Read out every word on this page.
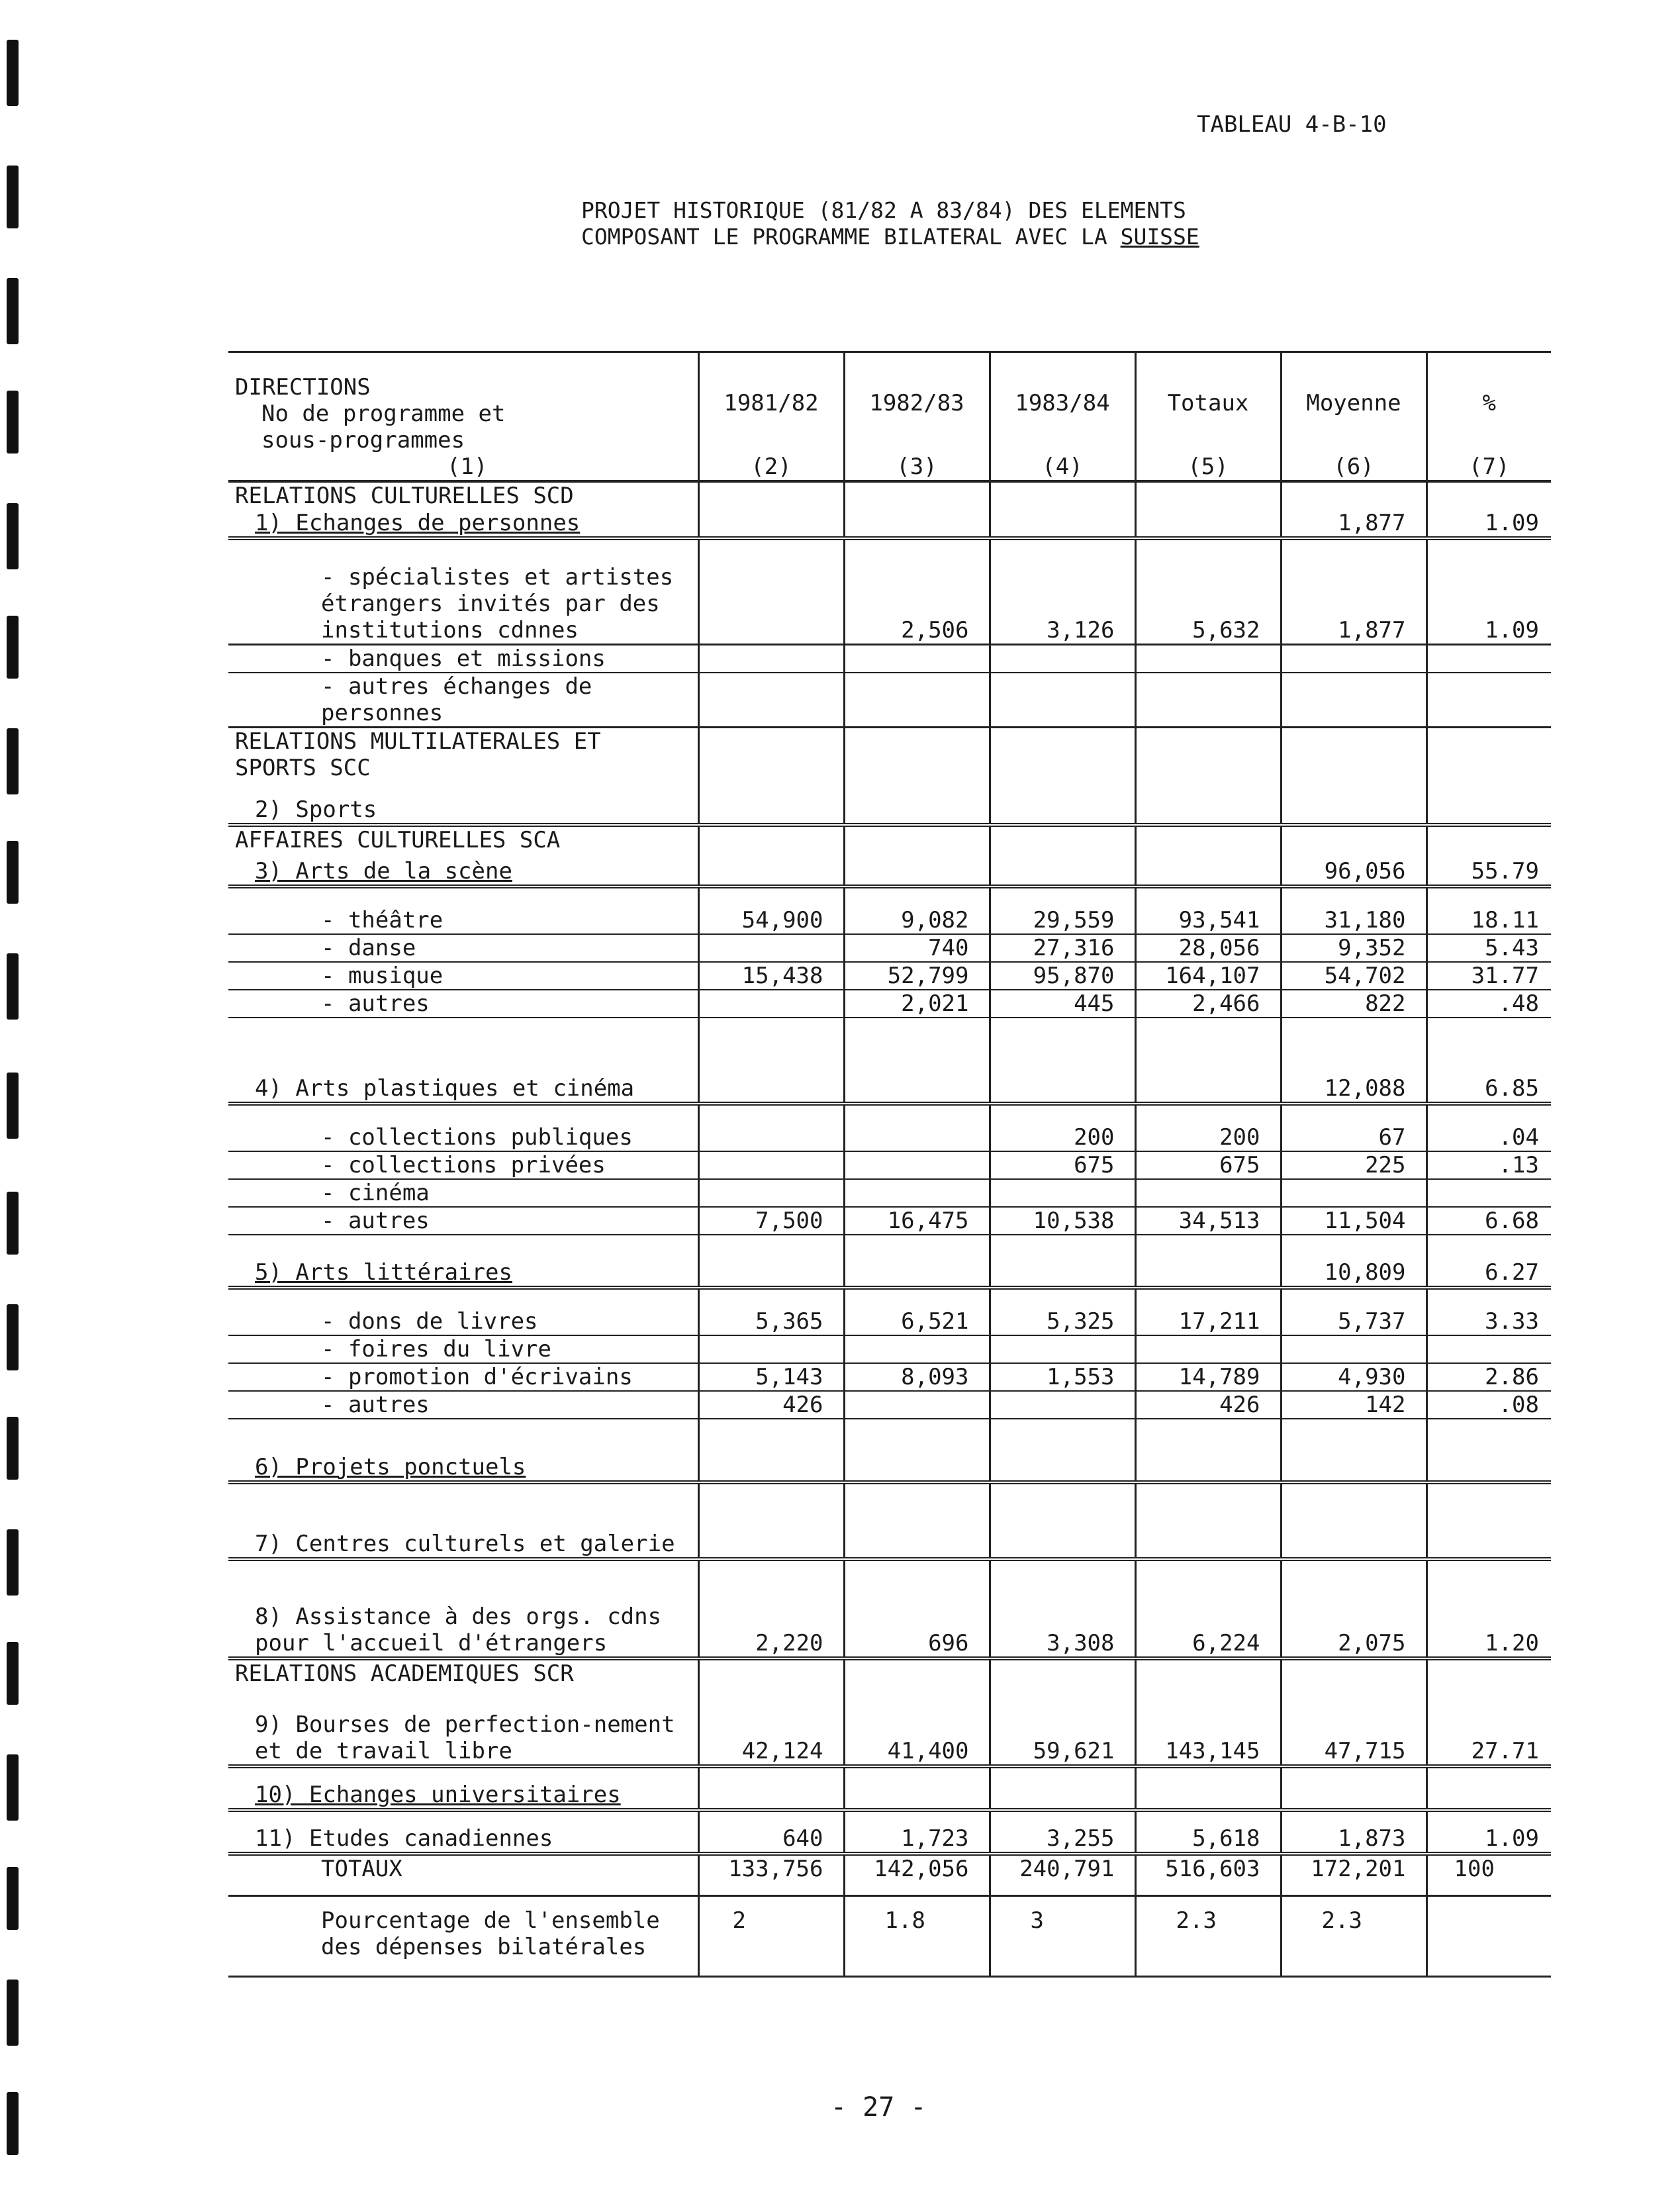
TABLEAU 4-B-10
PROJET HISTORIQUE (81/82 A 83/84) DES ELEMENTS
COMPOSANT LE PROGRAMME BILATERAL AVEC LA SUISSE
DIRECTIONS
No de programme et
sous-programmes	1981/82	1982/83	1983/84	Totaux	Moyenne	%
(1)	(2)	(3)	(4)	(5)	(6)	(7)
RELATIONS CULTURELLES SCD						
1) Echanges de personnes					1,877	1.09
- spécialistes et artistes étrangers invités par des institutions cdnnes		2,506	3,126	5,632	1,877	1.09
- banques et missions						
- autres échanges de personnes						
RELATIONS MULTILATERALES ET SPORTS SCC						
2) Sports						
AFFAIRES CULTURELLES SCA						
3) Arts de la scène					96,056	55.79
- théâtre	54,900	9,082	29,559	93,541	31,180	18.11
- danse		740	27,316	28,056	9,352	5.43
- musique	15,438	52,799	95,870	164,107	54,702	31.77
- autres		2,021	445	2,466	822	.48
4) Arts plastiques et cinéma					12,088	6.85
- collections publiques			200	200	67	.04
- collections privées			675	675	225	.13
- cinéma						
- autres	7,500	16,475	10,538	34,513	11,504	6.68
5) Arts littéraires					10,809	6.27
- dons de livres	5,365	6,521	5,325	17,211	5,737	3.33
- foires du livre						
- promotion d'écrivains	5,143	8,093	1,553	14,789	4,930	2.86
- autres	426			426	142	.08
6) Projets ponctuels						
7) Centres culturels et galerie						
8) Assistance à des orgs. cdns pour l'accueil d'étrangers	2,220	696	3,308	6,224	2,075	1.20
RELATIONS ACADEMIQUES SCR						
9) Bourses de perfection-nement et de travail libre	42,124	41,400	59,621	143,145	47,715	27.71
10) Echanges universitaires						
11) Etudes canadiennes	640	1,723	3,255	5,618	1,873	1.09
TOTAUX	133,756	142,056	240,791	516,603	172,201	100
Pourcentage de l'ensemble des dépenses bilatérales	2	1.8	3	2.3	2.3	
- 27 -
